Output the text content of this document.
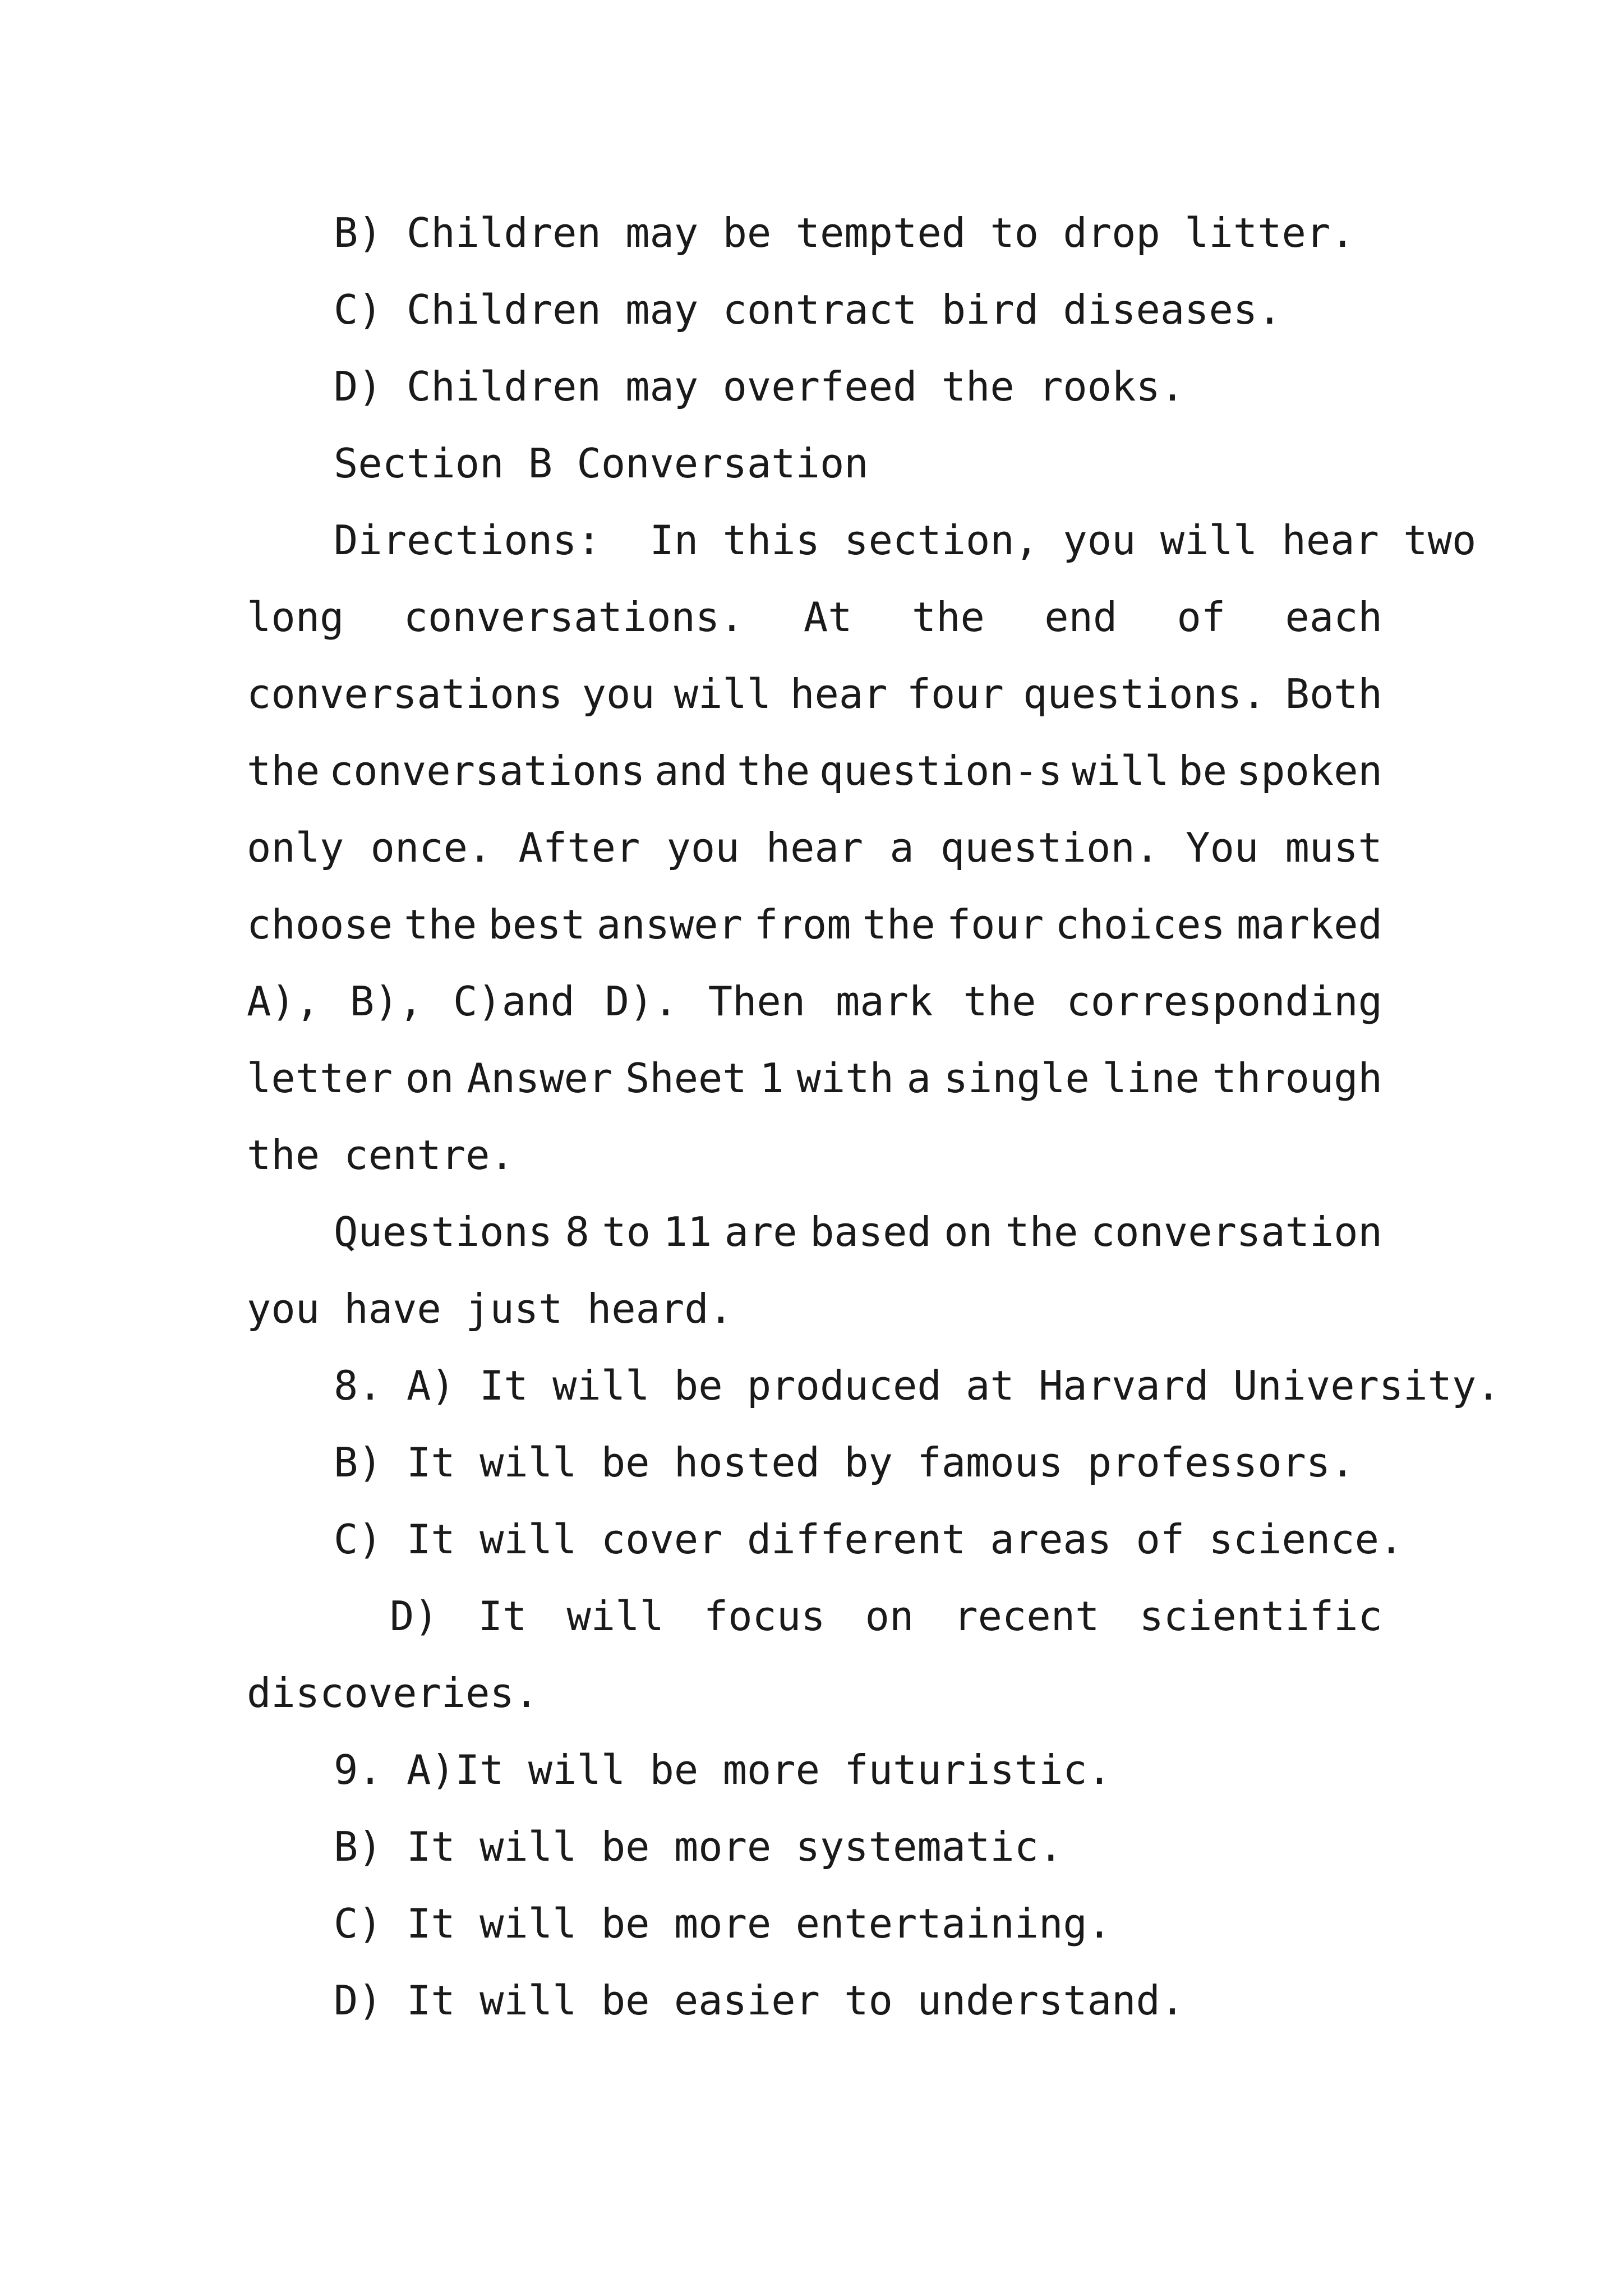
B) Children may be tempted to drop litter.
C) Children may contract bird diseases.
D) Children may overfeed the rooks.
Section B Conversation
Directions:  In this section, you will hear two
long conversations. At the end of each
conversations you will hear four questions. Both
the conversations and the question-s will be spoken
only once. After you hear a question. You must
choose the best answer from the four choices marked
A), B), C)and D). Then mark the corresponding
letter on Answer Sheet 1 with a single line through
the centre.
Questions 8 to 11 are based on the conversation
you have just heard.
8. A) It will be produced at Harvard University.
B) It will be hosted by famous professors.
C) It will cover different areas of science.
D) It will focus on recent scientific
discoveries.
9. A)It will be more futuristic.
B) It will be more systematic.
C) It will be more entertaining.
D) It will be easier to understand.
